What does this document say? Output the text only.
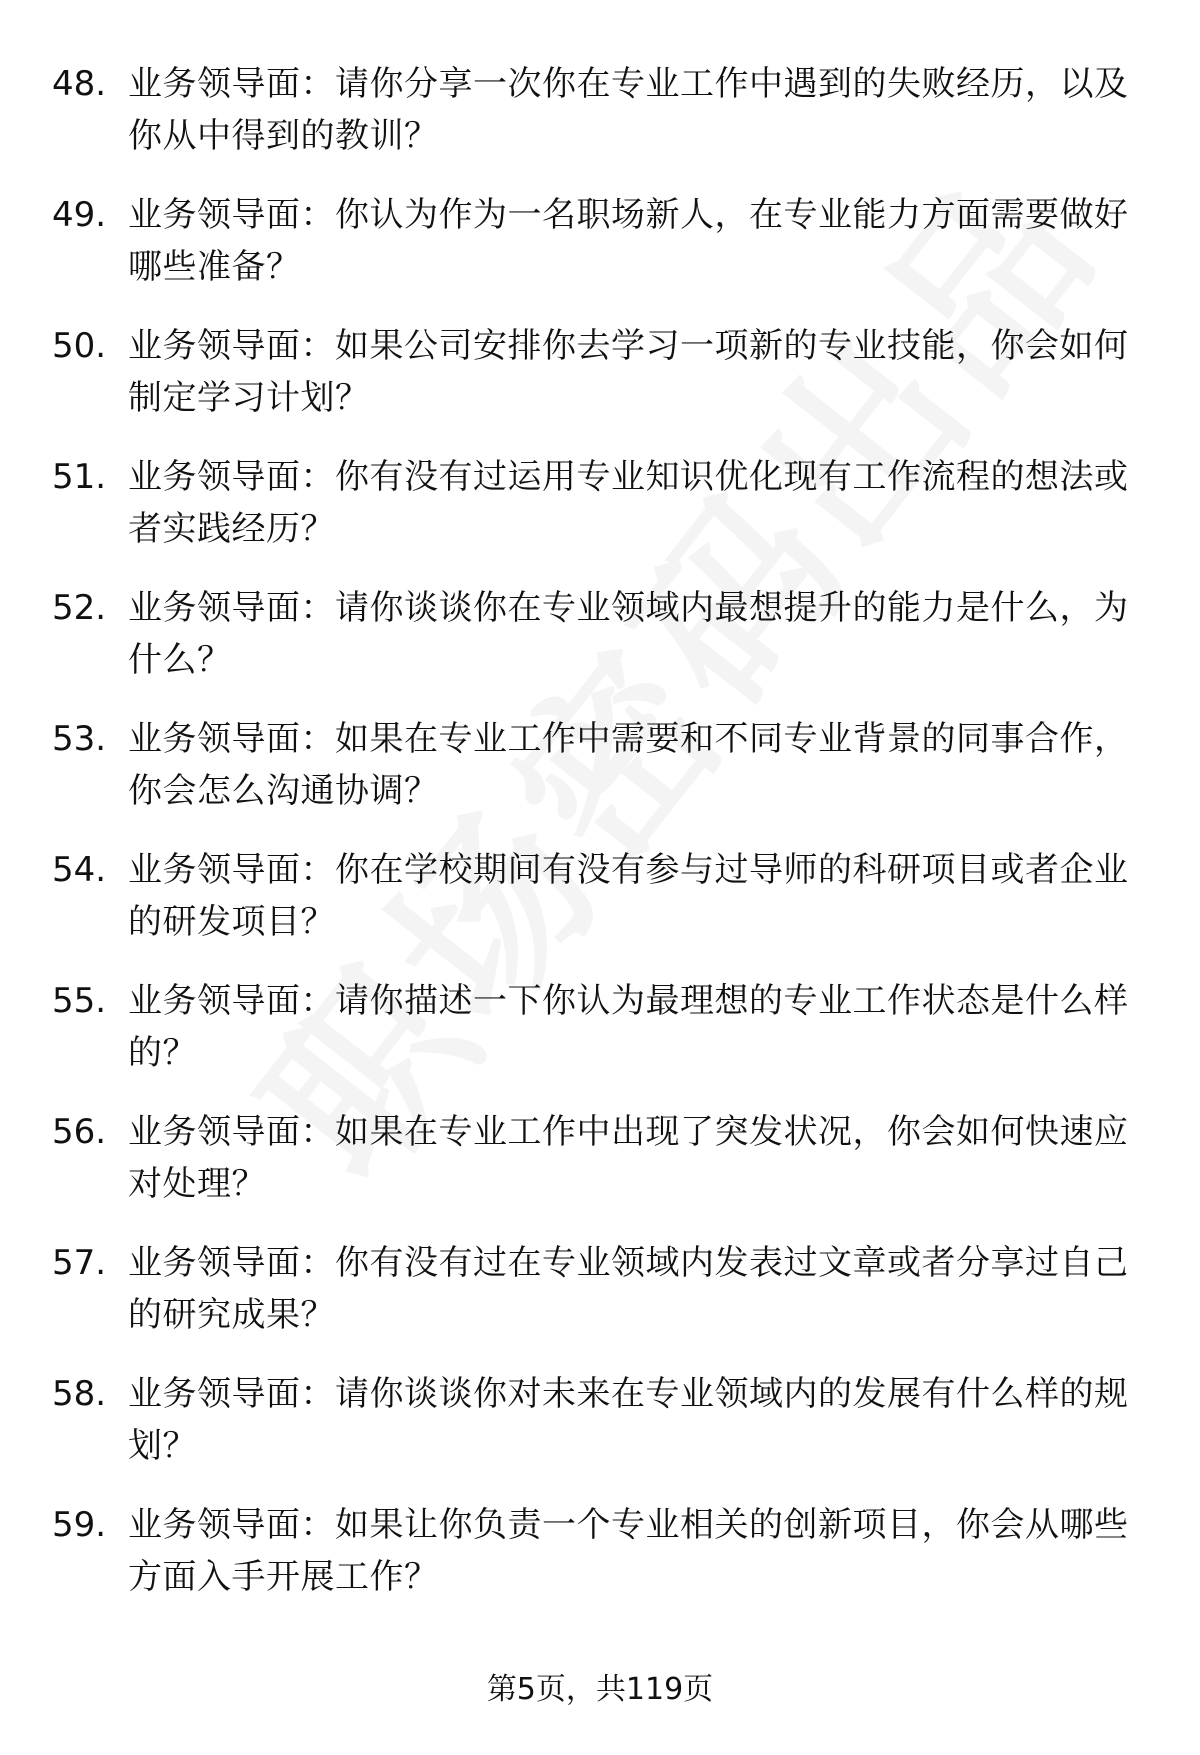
48. 业务领导面：请你分享一次你在专业工作中遇到的失败经历，以及你从中得到的教训？
49. 业务领导面：你认为作为一名职场新人，在专业能力方面需要做好哪些准备？
50. 业务领导面：如果公司安排你去学习一项新的专业技能，你会如何制定学习计划？
51. 业务领导面：你有没有过运用专业知识优化现有工作流程的想法或者实践经历？
52. 业务领导面：请你谈谈你在专业领域内最想提升的能力是什么，为什么？
53. 业务领导面：如果在专业工作中需要和不同专业背景的同事合作，你会怎么沟通协调？
54. 业务领导面：你在学校期间有没有参与过导师的科研项目或者企业的研发项目？
55. 业务领导面：请你描述一下你认为最理想的专业工作状态是什么样的？
56. 业务领导面：如果在专业工作中出现了突发状况，你会如何快速应对处理？
57. 业务领导面：你有没有过在专业领域内发表过文章或者分享过自己的研究成果？
58. 业务领导面：请你谈谈你对未来在专业领域内的发展有什么样的规划？
59. 业务领导面：如果让你负责一个专业相关的创新项目，你会从哪些方面入手开展工作？
第5页，共119页
